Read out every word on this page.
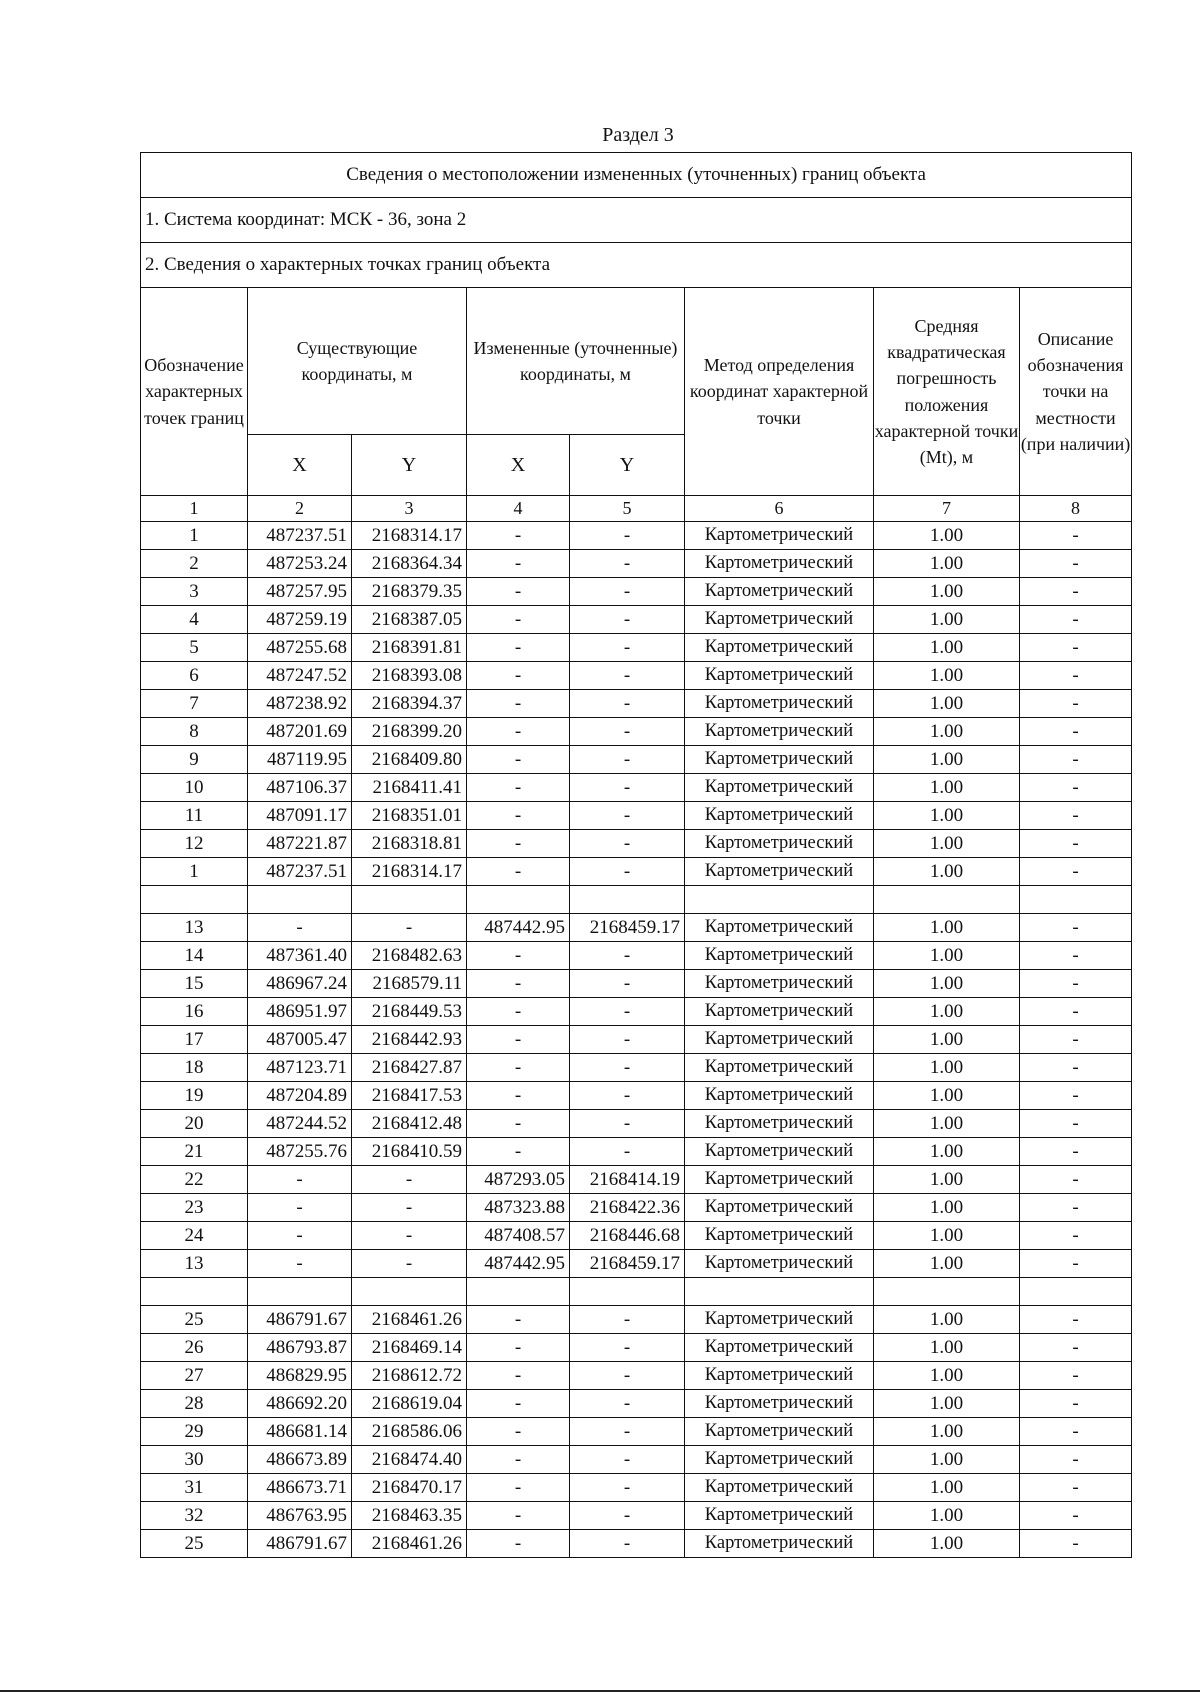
Раздел 3
Сведения о местоположении измененных (уточненных) границ объекта							
1. Система координат: МСК - 36, зона 2							
2. Сведения о характерных точках границ объекта							
Обозначение характерных точек границ	Существующие координаты, м		Измененные (уточненные) координаты, м		Метод определения координат характерной точки	Средняя квадратическая погрешность положения характерной точки (Mt), м	Описание обозначения точки на местности (при наличии)
	X	Y	X	Y			
1	2	3	4	5	6	7	8
1	487237.51	2168314.17	-	-	Картометрический	1.00	-
2	487253.24	2168364.34	-	-	Картометрический	1.00	-
3	487257.95	2168379.35	-	-	Картометрический	1.00	-
4	487259.19	2168387.05	-	-	Картометрический	1.00	-
5	487255.68	2168391.81	-	-	Картометрический	1.00	-
6	487247.52	2168393.08	-	-	Картометрический	1.00	-
7	487238.92	2168394.37	-	-	Картометрический	1.00	-
8	487201.69	2168399.20	-	-	Картометрический	1.00	-
9	487119.95	2168409.80	-	-	Картометрический	1.00	-
10	487106.37	2168411.41	-	-	Картометрический	1.00	-
11	487091.17	2168351.01	-	-	Картометрический	1.00	-
12	487221.87	2168318.81	-	-	Картометрический	1.00	-
1	487237.51	2168314.17	-	-	Картометрический	1.00	-

13	-	-	487442.95	2168459.17	Картометрический	1.00	-
14	487361.40	2168482.63	-	-	Картометрический	1.00	-
15	486967.24	2168579.11	-	-	Картометрический	1.00	-
16	486951.97	2168449.53	-	-	Картометрический	1.00	-
17	487005.47	2168442.93	-	-	Картометрический	1.00	-
18	487123.71	2168427.87	-	-	Картометрический	1.00	-
19	487204.89	2168417.53	-	-	Картометрический	1.00	-
20	487244.52	2168412.48	-	-	Картометрический	1.00	-
21	487255.76	2168410.59	-	-	Картометрический	1.00	-
22	-	-	487293.05	2168414.19	Картометрический	1.00	-
23	-	-	487323.88	2168422.36	Картометрический	1.00	-
24	-	-	487408.57	2168446.68	Картометрический	1.00	-
13	-	-	487442.95	2168459.17	Картометрический	1.00	-

25	486791.67	2168461.26	-	-	Картометрический	1.00	-
26	486793.87	2168469.14	-	-	Картометрический	1.00	-
27	486829.95	2168612.72	-	-	Картометрический	1.00	-
28	486692.20	2168619.04	-	-	Картометрический	1.00	-
29	486681.14	2168586.06	-	-	Картометрический	1.00	-
30	486673.89	2168474.40	-	-	Картометрический	1.00	-
31	486673.71	2168470.17	-	-	Картометрический	1.00	-
32	486763.95	2168463.35	-	-	Картометрический	1.00	-
25	486791.67	2168461.26	-	-	Картометрический	1.00	-
